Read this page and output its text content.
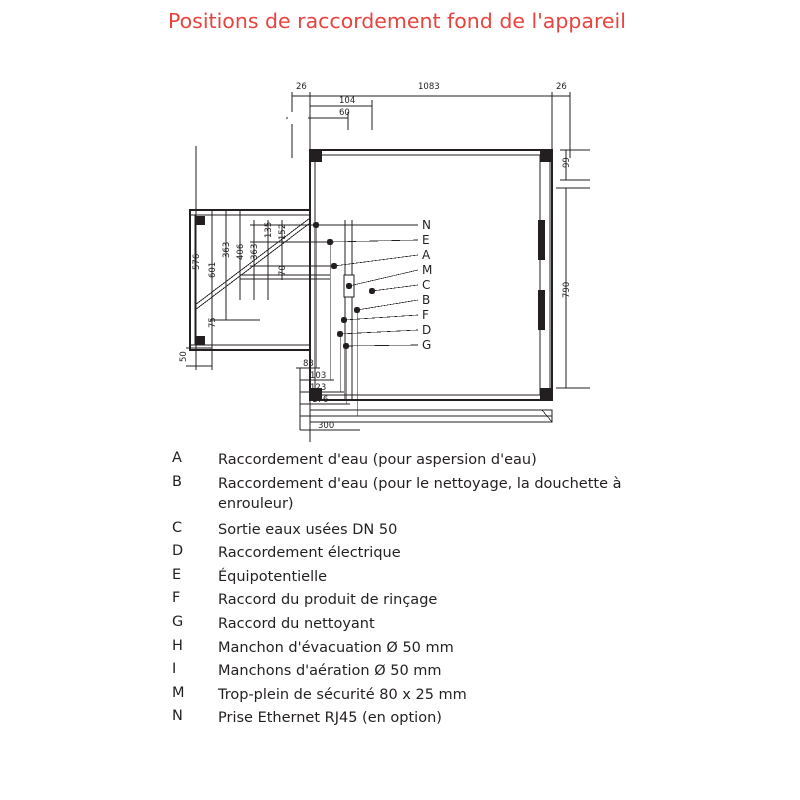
Positions de raccordement fond de l'appareil
26	1083	26
104
60
99
790
576 601
363 406 363
135 152
70
75
50
83
103
123
176
300
N
E
A
M
C
B
F
D
G
A	Raccordement d'eau (pour aspersion d'eau)
B	Raccordement d'eau (pour le nettoyage, la douchette à enrouleur)
C	Sortie eaux usées DN 50
D	Raccordement électrique
E	Équipotentielle
F	Raccord du produit de rinçage
G	Raccord du nettoyant
H	Manchon d'évacuation Ø 50 mm
I	Manchons d'aération Ø 50 mm
M	Trop-plein de sécurité 80 x 25 mm
N	Prise Ethernet RJ45 (en option)
